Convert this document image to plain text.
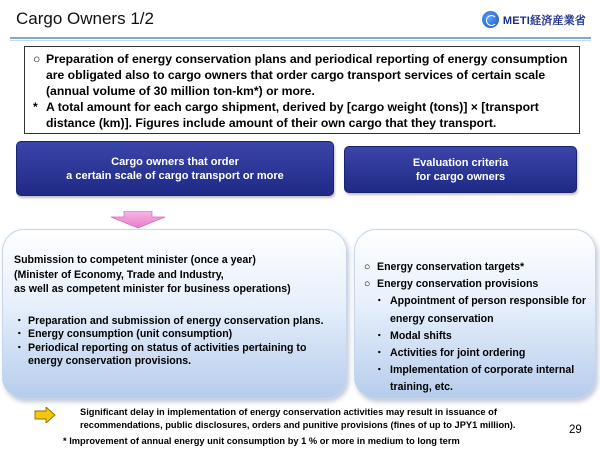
Cargo Owners 1/2	METI経済産業省
○ Preparation of energy conservation plans and periodical reporting of energy consumption are obligated also to cargo owners that order cargo transport services of certain scale (annual volume of 30 million ton-km*) or more.
* A total amount for each cargo shipment, derived by [cargo weight (tons)] × [transport distance (km)]. Figures include amount of their own cargo that they transport.
Cargo owners that order
a certain scale of cargo transport or more
Evaluation criteria
for cargo owners
Submission to competent minister (once a year)
(Minister of Economy, Trade and Industry,
as well as competent minister for business operations)
・ Preparation and submission of energy conservation plans.
・ Energy consumption (unit consumption)
・ Periodical reporting on status of activities pertaining to energy conservation provisions.
○ Energy conservation targets*
○ Energy conservation provisions
・ Appointment of person responsible for energy conservation
・ Modal shifts
・ Activities for joint ordering
・ Implementation of corporate internal training, etc.
Significant delay in implementation of energy conservation activities may result in issuance of recommendations, public disclosures, orders and punitive provisions (fines of up to JPY1 million).
* Improvement of annual energy unit consumption by 1 % or more in medium to long term
29
